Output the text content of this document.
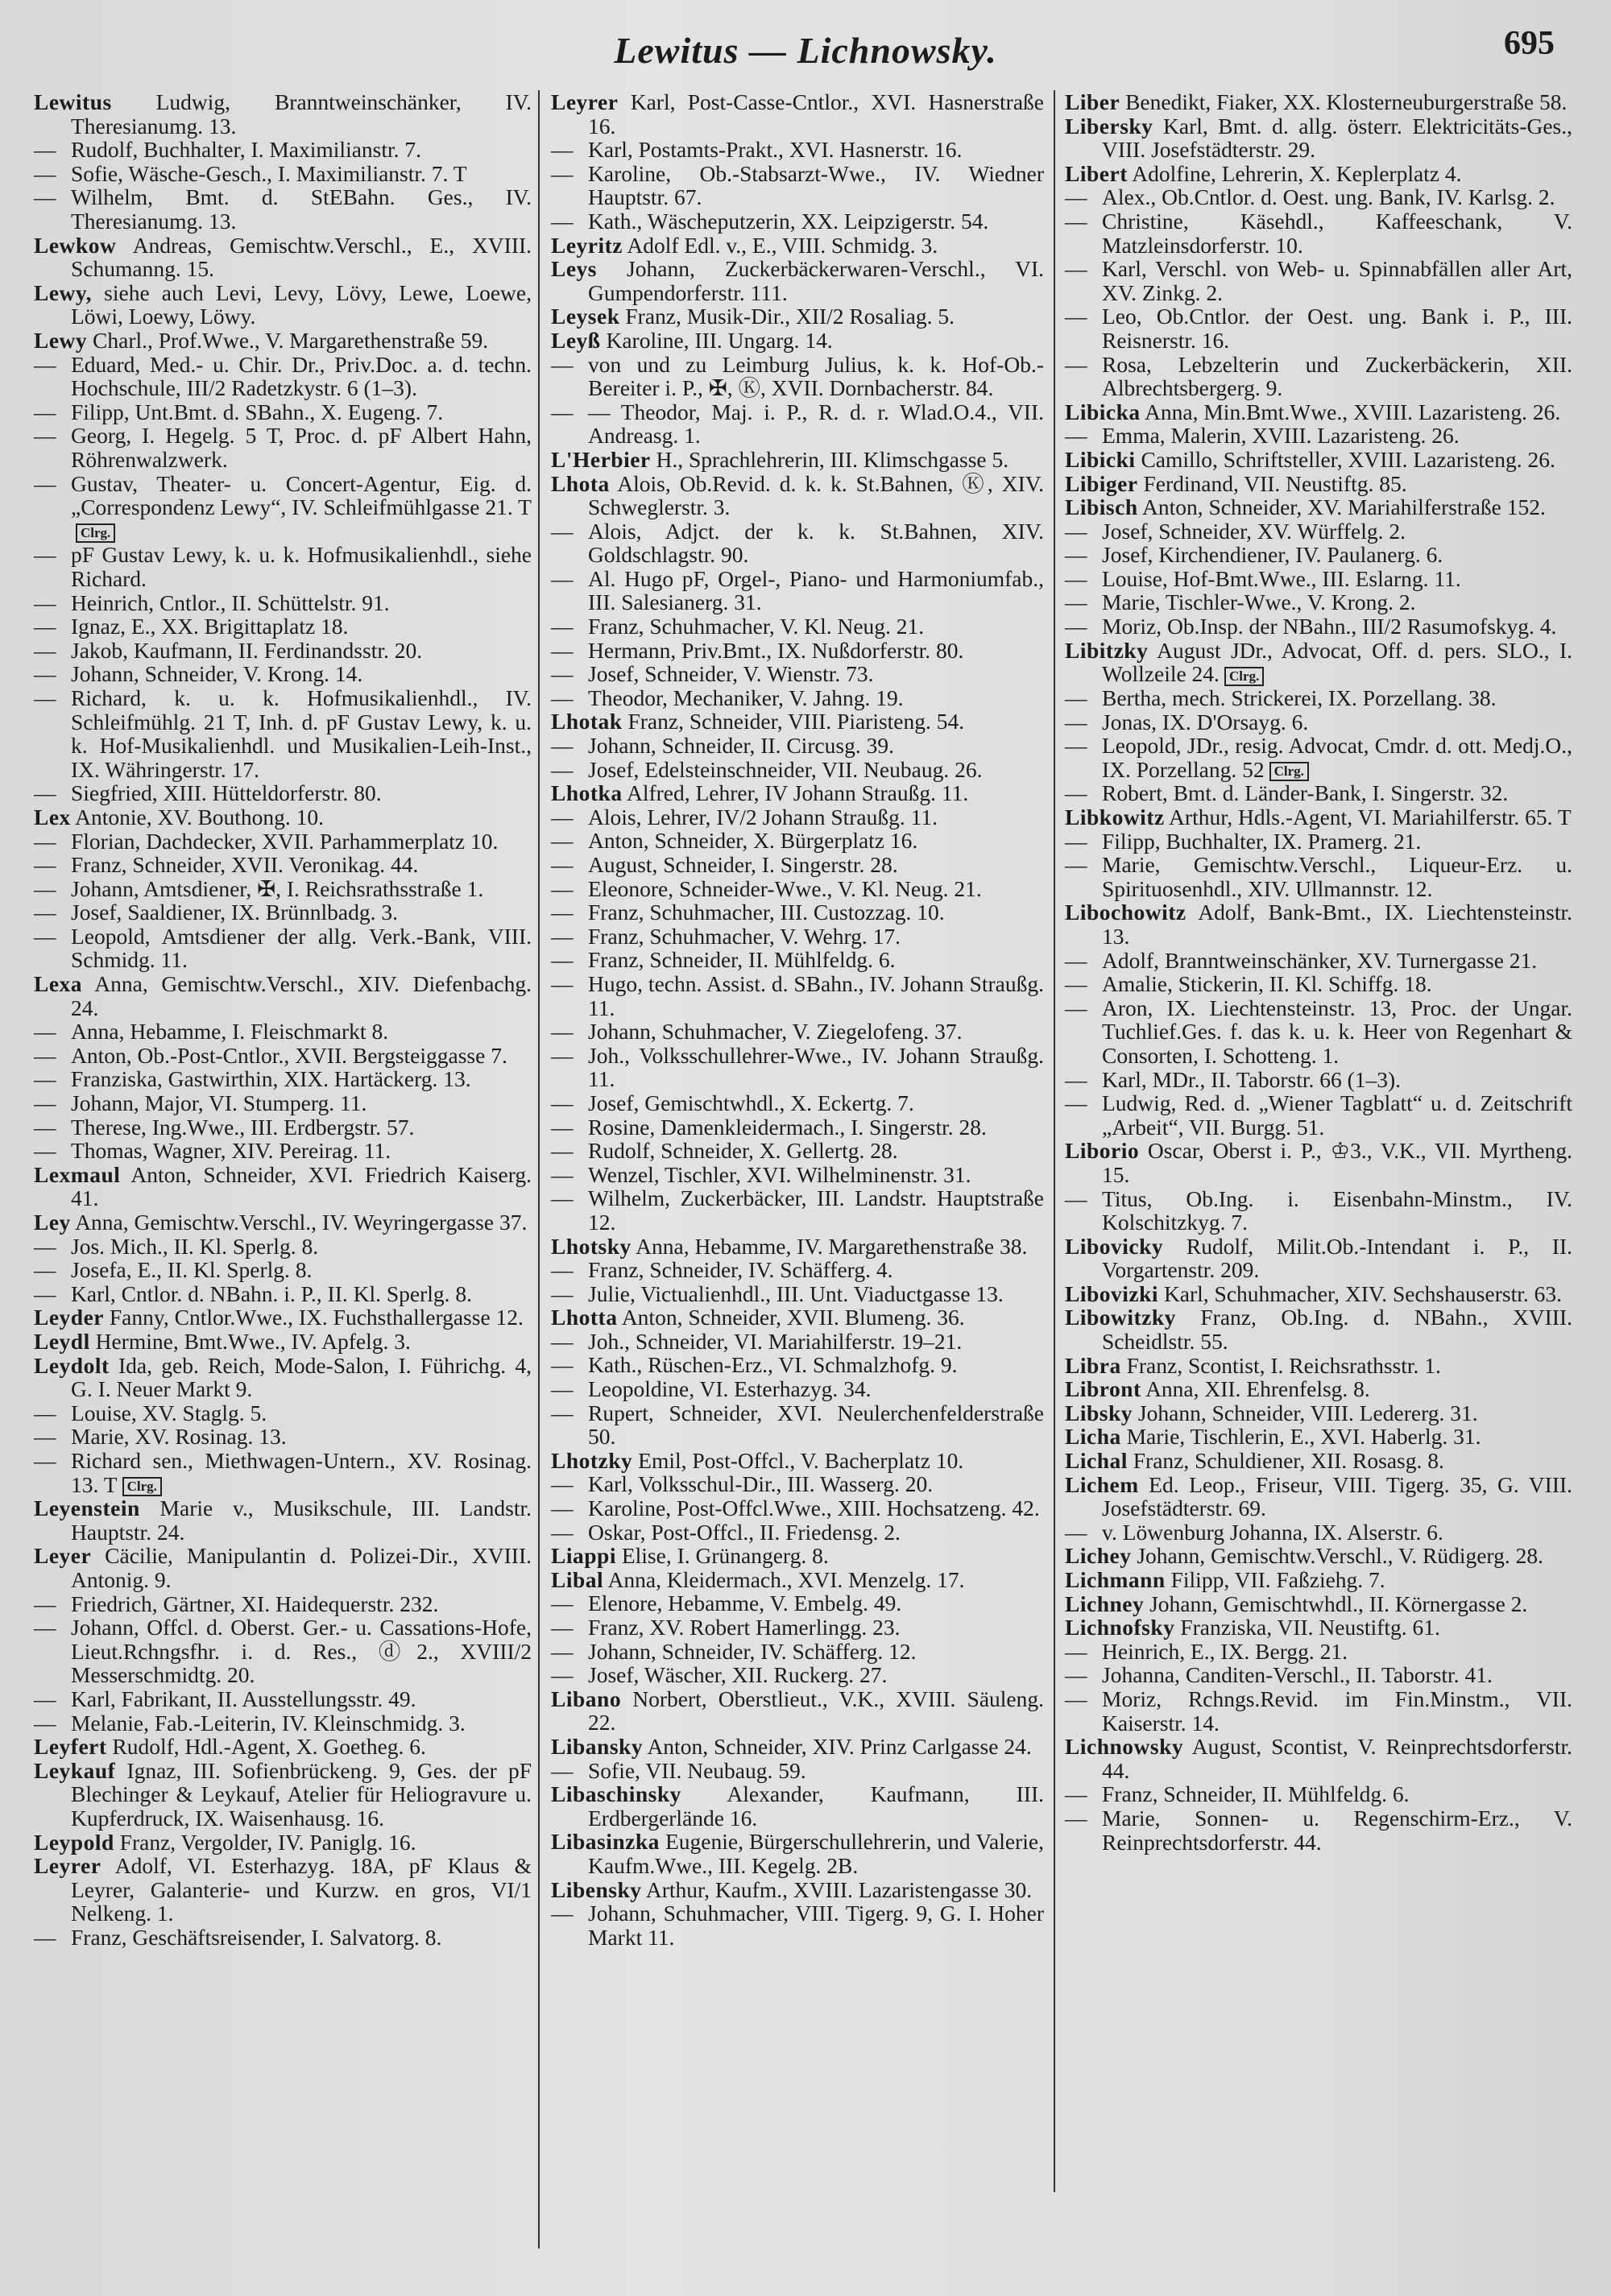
Lewitus — Lichnowsky.	695

Lewitus Ludwig, Branntweinschänker, IV. Theresianumg. 13.

— Rudolf, Buchhalter, I. Maximilianstr. 7.

— Sofie, Wäsche-Gesch., I. Maximilianstr. 7. T

— Wilhelm, Bmt. d. StEBahn. Ges., IV. Theresianumg. 13.

Lewkow Andreas, Gemischtw.Verschl., E., XVIII. Schumanng. 15.

Lewy, siehe auch Levi, Levy, Lövy, Lewe, Loewe, Löwi, Loewy, Löwy.

Lewy Charl., Prof.Wwe., V. Margarethenstraße 59.

— Eduard, Med.- u. Chir. Dr., Priv.Doc. a. d. techn. Hochschule, III/2 Radetzkystr. 6 (1–3).

— Filipp, Unt.Bmt. d. SBahn., X. Eugeng. 7.

— Georg, I. Hegelg. 5 T, Proc. d. pF Albert Hahn, Röhrenwalzwerk.

— Gustav, Theater- u. Concert-Agentur, Eig. d. „Correspondenz Lewy“, IV. Schleifmühlgasse 21. TClrg.

— pF Gustav Lewy, k. u. k. Hofmusikalienhdl., siehe Richard.

— Heinrich, Cntlor., II. Schüttelstr. 91.

— Ignaz, E., XX. Brigittaplatz 18.

— Jakob, Kaufmann, II. Ferdinandsstr. 20.

— Johann, Schneider, V. Krong. 14.

— Richard, k. u. k. Hofmusikalienhdl., IV. Schleifmühlg. 21 T, Inh. d. pF Gustav Lewy, k. u. k. Hof-Musikalienhdl. und Musikalien-Leih-Inst., IX. Währingerstr. 17.

— Siegfried, XIII. Hütteldorferstr. 80.

Lex Antonie, XV. Bouthong. 10.

— Florian, Dachdecker, XVII. Parhammerplatz 10.

— Franz, Schneider, XVII. Veronikag. 44.

— Johann, Amtsdiener, ✠, I. Reichsrathsstraße 1.

— Josef, Saaldiener, IX. Brünnlbadg. 3.

— Leopold, Amtsdiener der allg. Verk.-Bank, VIII. Schmidg. 11.

Lexa Anna, Gemischtw.Verschl., XIV. Diefenbachg. 24.

— Anna, Hebamme, I. Fleischmarkt 8.

— Anton, Ob.-Post-Cntlor., XVII. Bergsteiggasse 7.

— Franziska, Gastwirthin, XIX. Hartäckerg. 13.

— Johann, Major, VI. Stumperg. 11.

— Therese, Ing.Wwe., III. Erdbergstr. 57.

— Thomas, Wagner, XIV. Pereirag. 11.

Lexmaul Anton, Schneider, XVI. Friedrich Kaiserg. 41.

Ley Anna, Gemischtw.Verschl., IV. Weyringergasse 37.

— Jos. Mich., II. Kl. Sperlg. 8.

— Josefa, E., II. Kl. Sperlg. 8.

— Karl, Cntlor. d. NBahn. i. P., II. Kl. Sperlg. 8.

Leyder Fanny, Cntlor.Wwe., IX. Fuchsthallergasse 12.

Leydl Hermine, Bmt.Wwe., IV. Apfelg. 3.

Leydolt Ida, geb. Reich, Mode-Salon, I. Führichg. 4, G. I. Neuer Markt 9.

— Louise, XV. Staglg. 5.

— Marie, XV. Rosinag. 13.

— Richard sen., Miethwagen-Untern., XV. Rosinag. 13. T Clrg.

Leyenstein Marie v., Musikschule, III. Landstr. Hauptstr. 24.

Leyer Cäcilie, Manipulantin d. Polizei-Dir., XVIII. Antonig. 9.

— Friedrich, Gärtner, XI. Haidequerstr. 232.

— Johann, Offcl. d. Oberst. Ger.- u. Cassations-Hofe, Lieut.Rchngsfhr. i. d. Res., ⓓ2., XVIII/2 Messerschmidtg. 20.

— Karl, Fabrikant, II. Ausstellungsstr. 49.

— Melanie, Fab.-Leiterin, IV. Kleinschmidg. 3.

Leyfert Rudolf, Hdl.-Agent, X. Goetheg. 6.

Leykauf Ignaz, III. Sofienbrückeng. 9, Ges. der pF Blechinger & Leykauf, Atelier für Heliogravure u. Kupferdruck, IX. Waisenhausg. 16.

Leypold Franz, Vergolder, IV. Paniglg. 16.

Leyrer Adolf, VI. Esterhazyg. 18A, pF Klaus & Leyrer, Galanterie- und Kurzw. en gros, VI/1 Nelkeng. 1.

— Franz, Geschäftsreisender, I. Salvatorg. 8.

Leyrer Karl, Post-Casse-Cntlor., XVI. Hasnerstraße 16.

— Karl, Postamts-Prakt., XVI. Hasnerstr. 16.

— Karoline, Ob.-Stabsarzt-Wwe., IV. Wiedner Hauptstr. 67.

— Kath., Wäscheputzerin, XX. Leipzigerstr. 54.

Leyritz Adolf Edl. v., E., VIII. Schmidg. 3.

Leys Johann, Zuckerbäckerwaren-Verschl., VI. Gumpendorferstr. 111.

Leysek Franz, Musik-Dir., XII/2 Rosaliag. 5.

Leyß Karoline, III. Ungarg. 14.

— von und zu Leimburg Julius, k. k. Hof-Ob.-Bereiter i. P., ✠, Ⓚ, XVII. Dornbacherstr. 84.

— — Theodor, Maj. i. P., R. d. r. Wlad.O.4., VII. Andreasg. 1.

L'Herbier H., Sprachlehrerin, III. Klimschgasse 5.

Lhota Alois, Ob.Revid. d. k. k. St.Bahnen, Ⓚ, XIV. Schweglerstr. 3.

— Alois, Adjct. der k. k. St.Bahnen, XIV. Goldschlagstr. 90.

— Al. Hugo pF, Orgel-, Piano- und Harmoniumfab., III. Salesianerg. 31.

— Franz, Schuhmacher, V. Kl. Neug. 21.

— Hermann, Priv.Bmt., IX. Nußdorferstr. 80.

— Josef, Schneider, V. Wienstr. 73.

— Theodor, Mechaniker, V. Jahng. 19.

Lhotak Franz, Schneider, VIII. Piaristeng. 54.

— Johann, Schneider, II. Circusg. 39.

— Josef, Edelsteinschneider, VII. Neubaug. 26.

Lhotka Alfred, Lehrer, IV Johann Straußg. 11.

— Alois, Lehrer, IV/2 Johann Straußg. 11.

— Anton, Schneider, X. Bürgerplatz 16.

— August, Schneider, I. Singerstr. 28.

— Eleonore, Schneider-Wwe., V. Kl. Neug. 21.

— Franz, Schuhmacher, III. Custozzag. 10.

— Franz, Schuhmacher, V. Wehrg. 17.

— Franz, Schneider, II. Mühlfeldg. 6.

— Hugo, techn. Assist. d. SBahn., IV. Johann Straußg. 11.

— Johann, Schuhmacher, V. Ziegelofeng. 37.

— Joh., Volksschullehrer-Wwe., IV. Johann Straußg. 11.

— Josef, Gemischtwhdl., X. Eckertg. 7.

— Rosine, Damenkleidermach., I. Singerstr. 28.

— Rudolf, Schneider, X. Gellertg. 28.

— Wenzel, Tischler, XVI. Wilhelminenstr. 31.

— Wilhelm, Zuckerbäcker, III. Landstr. Hauptstraße 12.

Lhotsky Anna, Hebamme, IV. Margarethenstraße 38.

— Franz, Schneider, IV. Schäfferg. 4.

— Julie, Victualienhdl., III. Unt. Viaductgasse 13.

Lhotta Anton, Schneider, XVII. Blumeng. 36.

— Joh., Schneider, VI. Mariahilferstr. 19–21.

— Kath., Rüschen-Erz., VI. Schmalzhofg. 9.

— Leopoldine, VI. Esterhazyg. 34.

— Rupert, Schneider, XVI. Neulerchenfelderstraße 50.

Lhotzky Emil, Post-Offcl., V. Bacherplatz 10.

— Karl, Volksschul-Dir., III. Wasserg. 20.

— Karoline, Post-Offcl.Wwe., XIII. Hochsatzeng. 42.

— Oskar, Post-Offcl., II. Friedensg. 2.

Liappi Elise, I. Grünangerg. 8.

Libal Anna, Kleidermach., XVI. Menzelg. 17.

— Elenore, Hebamme, V. Embelg. 49.

— Franz, XV. Robert Hamerlingg. 23.

— Johann, Schneider, IV. Schäfferg. 12.

— Josef, Wäscher, XII. Ruckerg. 27.

Libano Norbert, Oberstlieut., V.K., XVIII. Säuleng. 22.

Libansky Anton, Schneider, XIV. Prinz Carlgasse 24.

— Sofie, VII. Neubaug. 59.

Libaschinsky Alexander, Kaufmann, III. Erdbergerlände 16.

Libasinzka Eugenie, Bürgerschullehrerin, und Valerie, Kaufm.Wwe., III. Kegelg. 2B.

Libensky Arthur, Kaufm., XVIII. Lazaristengasse 30.

— Johann, Schuhmacher, VIII. Tigerg. 9, G. I. Hoher Markt 11.

Liber Benedikt, Fiaker, XX. Klosterneuburgerstraße 58.

Libersky Karl, Bmt. d. allg. österr. Elektricitäts-Ges., VIII. Josefstädterstr. 29.

Libert Adolfine, Lehrerin, X. Keplerplatz 4.

— Alex., Ob.Cntlor. d. Oest. ung. Bank, IV. Karlsg. 2.

— Christine, Käsehdl., Kaffeeschank, V. Matzleinsdorferstr. 10.

— Karl, Verschl. von Web- u. Spinnabfällen aller Art, XV. Zinkg. 2.

— Leo, Ob.Cntlor. der Oest. ung. Bank i. P., III. Reisnerstr. 16.

— Rosa, Lebzelterin und Zuckerbäckerin, XII. Albrechtsbergerg. 9.

Libicka Anna, Min.Bmt.Wwe., XVIII. Lazaristeng. 26.

— Emma, Malerin, XVIII. Lazaristeng. 26.

Libicki Camillo, Schriftsteller, XVIII. Lazaristeng. 26.

Libiger Ferdinand, VII. Neustiftg. 85.

Libisch Anton, Schneider, XV. Mariahilferstraße 152.

— Josef, Schneider, XV. Würffelg. 2.

— Josef, Kirchendiener, IV. Paulanerg. 6.

— Louise, Hof-Bmt.Wwe., III. Eslarng. 11.

— Marie, Tischler-Wwe., V. Krong. 2.

— Moriz, Ob.Insp. der NBahn., III/2 Rasumofskyg. 4.

Libitzky August JDr., Advocat, Off. d. pers. SLO., I. Wollzeile 24. Clrg.

— Bertha, mech. Strickerei, IX. Porzellang. 38.

— Jonas, IX. D'Orsayg. 6.

— Leopold, JDr., resig. Advocat, Cmdr. d. ott. Medj.O., IX. Porzellang. 52 Clrg.

— Robert, Bmt. d. Länder-Bank, I. Singerstr. 32.

Libkowitz Arthur, Hdls.-Agent, VI. Mariahilferstr. 65. T

— Filipp, Buchhalter, IX. Pramerg. 21.

— Marie, Gemischtw.Verschl., Liqueur-Erz. u. Spirituosenhdl., XIV. Ullmannstr. 12.

Libochowitz Adolf, Bank-Bmt., IX. Liechtensteinstr. 13.

— Adolf, Branntweinschänker, XV. Turnergasse 21.

— Amalie, Stickerin, II. Kl. Schiffg. 18.

— Aron, IX. Liechtensteinstr. 13, Proc. der Ungar. Tuchlief.Ges. f. das k. u. k. Heer von Regenhart & Consorten, I. Schotteng. 1.

— Karl, MDr., II. Taborstr. 66 (1–3).

— Ludwig, Red. d. „Wiener Tagblatt“ u. d. Zeitschrift „Arbeit“, VII. Burgg. 51.

Liborio Oscar, Oberst i. P., ♔3., V.K., VII. Myrtheng. 15.

— Titus, Ob.Ing. i. Eisenbahn-Minstm., IV. Kolschitzkyg. 7.

Libovicky Rudolf, Milit.Ob.-Intendant i. P., II. Vorgartenstr. 209.

Libovizki Karl, Schuhmacher, XIV. Sechshauserstr. 63.

Libowitzky Franz, Ob.Ing. d. NBahn., XVIII. Scheidlstr. 55.

Libra Franz, Scontist, I. Reichsrathsstr. 1.

Libront Anna, XII. Ehrenfelsg. 8.

Libsky Johann, Schneider, VIII. Ledererg. 31.

Licha Marie, Tischlerin, E., XVI. Haberlg. 31.

Lichal Franz, Schuldiener, XII. Rosasg. 8.

Lichem Ed. Leop., Friseur, VIII. Tigerg. 35, G. VIII. Josefstädterstr. 69.

— v. Löwenburg Johanna, IX. Alserstr. 6.

Lichey Johann, Gemischtw.Verschl., V. Rüdigerg. 28.

Lichmann Filipp, VII. Faßziehg. 7.

Lichney Johann, Gemischtwhdl., II. Körnergasse 2.

Lichnofsky Franziska, VII. Neustiftg. 61.

— Heinrich, E., IX. Bergg. 21.

— Johanna, Canditen-Verschl., II. Taborstr. 41.

— Moriz, Rchngs.Revid. im Fin.Minstm., VII. Kaiserstr. 14.

Lichnowsky August, Scontist, V. Reinprechtsdorferstr. 44.

— Franz, Schneider, II. Mühlfeldg. 6.

— Marie, Sonnen- u. Regenschirm-Erz., V. Reinprechtsdorferstr. 44.
